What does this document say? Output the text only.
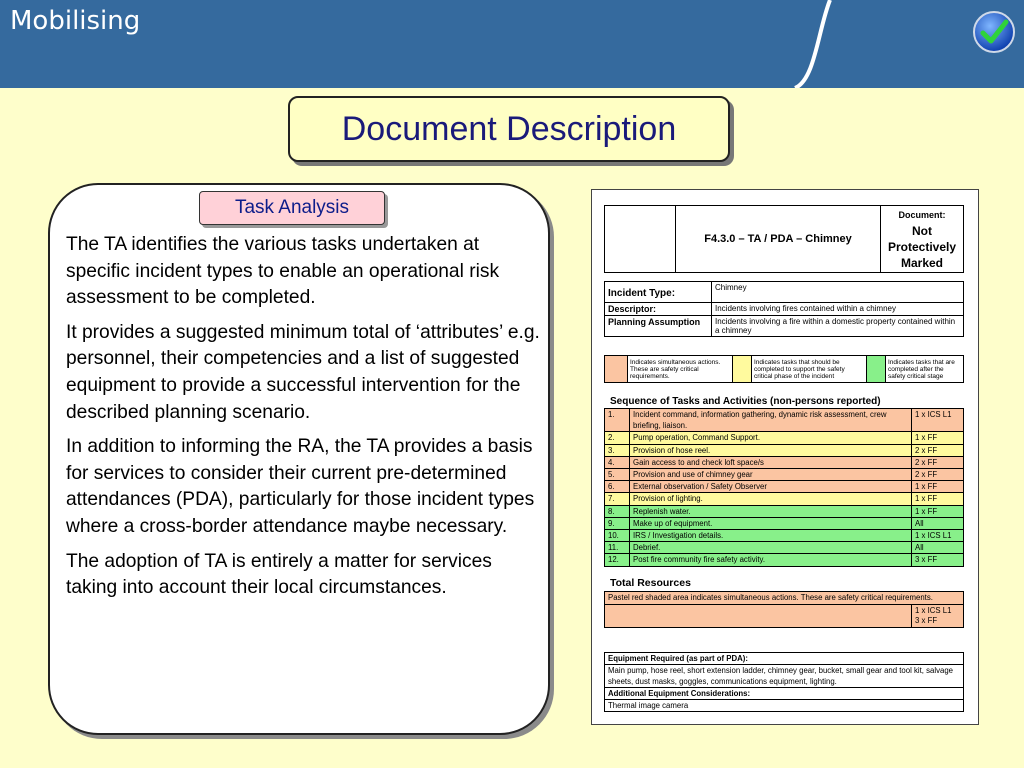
Mobilising
Document Description
Task Analysis

The TA identifies the various tasks undertaken at specific incident types to enable an operational risk assessment to be completed.

It provides a suggested minimum total of ‘attributes’ e.g. personnel, their competencies and a list of suggested equipment to provide a successful intervention for the described planning scenario.

In addition to informing the RA, the TA provides a basis for services to consider their current pre-determined attendances (PDA), particularly for those incident types where a cross-border attendance maybe necessary.

The adoption of TA is entirely a matter for services taking into account their local circumstances.

	F4.3.0 – TA / PDA – Chimney	
Document:
Not
Protectively
Marked
Incident Type:	Chimney
Descriptor:	Incidents involving fires contained within a chimney
Planning Assumption	Incidents involving a fire within a domestic property contained within a chimney
	Indicates simultaneous actions. These are safety critical requirements.		Indicates tasks that should be completed to support the safety critical phase of the incident		Indicates tasks that are completed after the safety critical stage
Sequence of Tasks and Activities (non-persons reported)
1.	Incident command, information gathering, dynamic risk assessment, crew briefing, liaison.	1 x ICS L1
2.	Pump operation, Command Support.	1 x FF
3.	Provision of hose reel.	2 x FF
4.	Gain access to and check loft space/s	2 x FF
5.	Provision and use of chimney gear	2 x FF
6.	External observation / Safety Observer	1 x FF
7.	Provision of lighting.	1 x FF
8.	Replenish water.	1 x FF
9.	Make up of equipment.	All
10.	IRS / Investigation details.	1 x ICS L1
11.	Debrief.	All
12.	Post fire community fire safety activity.	3 x FF
Total Resources
Pastel red shaded area indicates simultaneous actions. These are safety critical requirements.
	1 x ICS L1
3 x FF
Equipment Required (as part of PDA):
Main pump, hose reel, short extension ladder, chimney gear, bucket, small gear and tool kit, salvage sheets, dust masks, goggles, communications equipment, lighting.
Additional Equipment Considerations:
Thermal image camera
